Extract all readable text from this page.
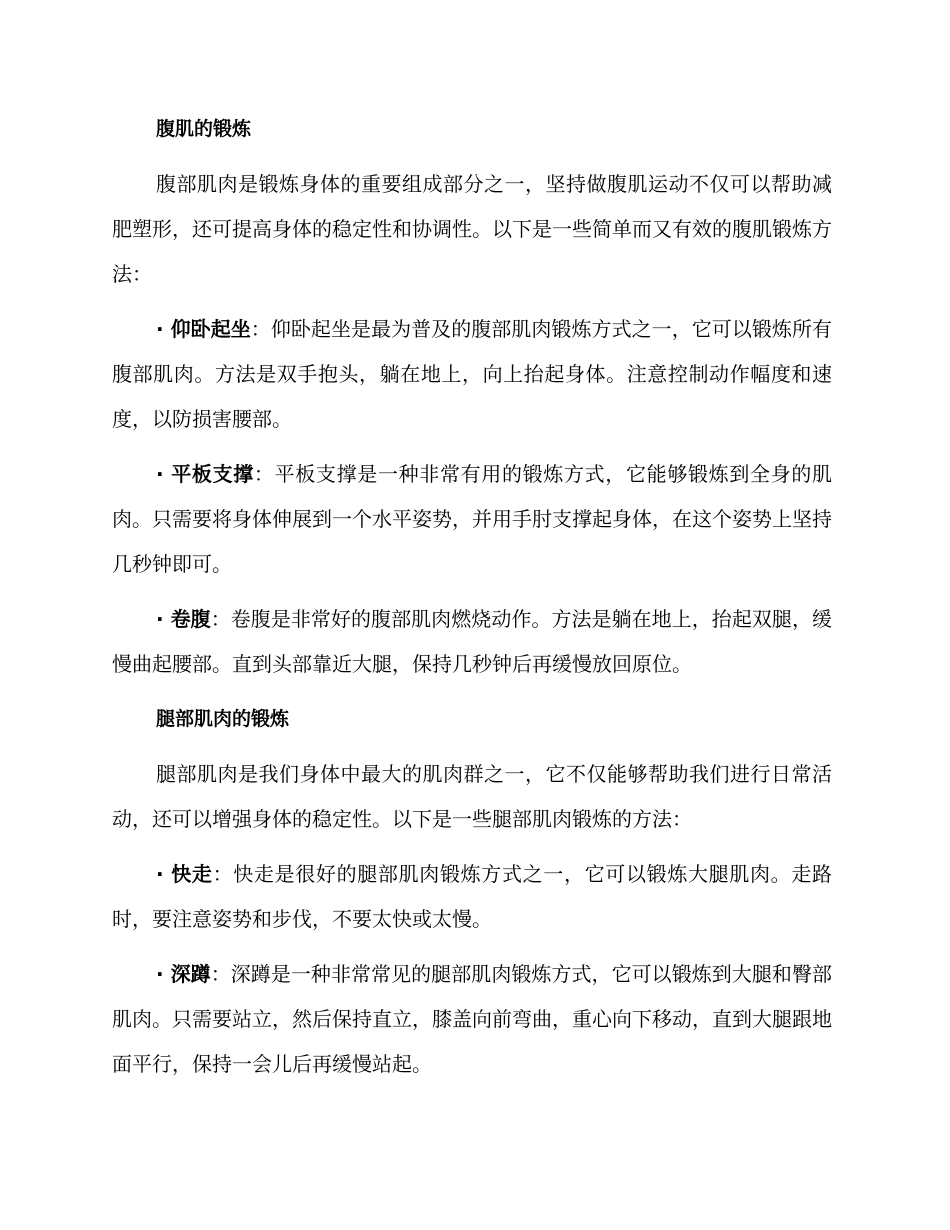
腹肌的锻炼

腹部肌肉是锻炼身体的重要组成部分之一，坚持做腹肌运动不仅可以帮助减肥塑形，还可提高身体的稳定性和协调性。以下是一些简单而又有效的腹肌锻炼方法：

· 仰卧起坐：仰卧起坐是最为普及的腹部肌肉锻炼方式之一，它可以锻炼所有腹部肌肉。方法是双手抱头，躺在地上，向上抬起身体。注意控制动作幅度和速度，以防损害腰部。

· 平板支撑：平板支撑是一种非常有用的锻炼方式，它能够锻炼到全身的肌肉。只需要将身体伸展到一个水平姿势，并用手肘支撑起身体，在这个姿势上坚持几秒钟即可。

· 卷腹：卷腹是非常好的腹部肌肉燃烧动作。方法是躺在地上，抬起双腿，缓慢曲起腰部。直到头部靠近大腿，保持几秒钟后再缓慢放回原位。

腿部肌肉的锻炼

腿部肌肉是我们身体中最大的肌肉群之一，它不仅能够帮助我们进行日常活动，还可以增强身体的稳定性。以下是一些腿部肌肉锻炼的方法：

· 快走：快走是很好的腿部肌肉锻炼方式之一，它可以锻炼大腿肌肉。走路时，要注意姿势和步伐，不要太快或太慢。

· 深蹲：深蹲是一种非常常见的腿部肌肉锻炼方式，它可以锻炼到大腿和臀部肌肉。只需要站立，然后保持直立，膝盖向前弯曲，重心向下移动，直到大腿跟地面平行，保持一会儿后再缓慢站起。
